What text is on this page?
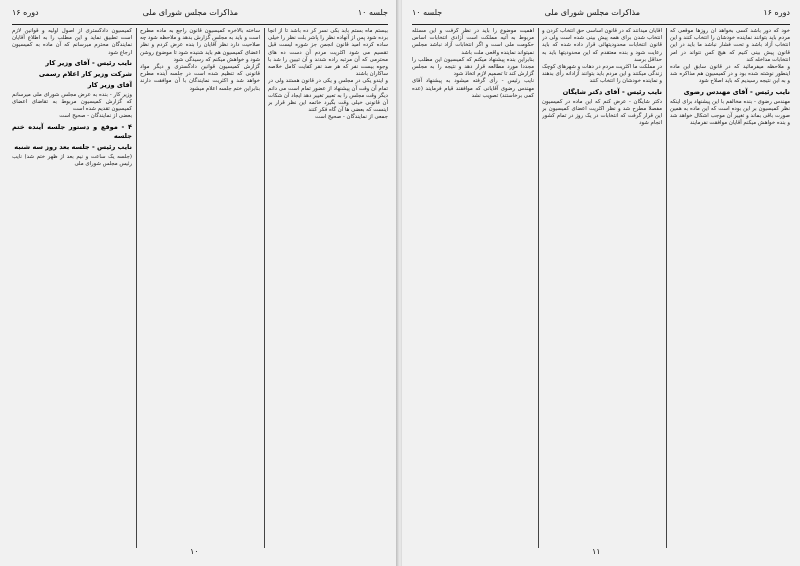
جلسه ۱۰
مذاکرات مجلس شورای ملی
دوره ۱۶

بیستم ماه بستم بابد بکی نسر کر ده باشد تا از آنچا برده شود پس از آنهاده نظر را پاشر بلت نظر را خیلی ساده کرده امید قانون انجمن جز شوره لیست قبل تقسیم می شود اکثریت مردم آن دست ده های محترمی که آن مرتبه راده شدند و آن تبیین را شد با وجوه بیست نفر که هر صد نفر کفایت کامل خلاصه ساکاران باشند

و ایندو یکی در مجلس و یکی در قانون هستند ولی در تمام آن وقت آن پیشنهاد از عضور تمام است می دانم دیگر وقت مجلس را به تعبیر تغییر دهد ایجاد آن شکات آن قانونی خیلی وقت بگیرد خاتمه این نظر قرار بر اینست که بعضی ها آن گاه فکر کنند

جمعی از نمایندگان - صحیح است

ساخته بالاخره کمیسیون قانون راجع به ماده مطرح است و باید به مجلس گزارش بدهد و ملاحظه شود چه صلاحیت دارد نظر آقایان را بنده عرض کردم و نظر اعضای کمیسیون هم باید شنیده شود تا موضوع روشن شود و خواهش میکنم که رسیدگی شود

گزارش کمیسیون قوانین دادگستری و دیگر مواد قانونی که تنظیم شده است در جلسه آینده مطرح خواهد شد و اکثریت نمایندگان با آن موافقت دارند بنابراین ختم جلسه اعلام میشود

کمیسیون دادگستری از اصول اولیه و قوانین لازم است تطبیق نماید و این مطلب را به اطلاع آقایان نمایندگان محترم میرسانم که آن ماده به کمیسیون ارجاع شود

نایب رئیس - آقای وزیر کار

شرکت وزیر کار اعلام رسمی

آقای وزیر کار

وزیر کار - بنده به عرض مجلس شورای ملی میرسانم که گزارش کمیسیون مربوط به تقاضای اعضای کمیسیون تقدیم شده است

بعضی از نمایندگان - صحیح است

۴ - موقع و دستور جلسه آینده ختم جلسه

نایب رئیس - جلسه بعد روز سه شنبه

(جلسه یک ساعت و نیم بعد از ظهر ختم شد) نایب رئیس مجلس شورای ملی

۱۰
دوره ۱۶
مذاکرات مجلس شورای ملی
جلسه ۱۰

خود که دور باشد کسی بخواهد آن روزها موقعی که مردم باید بتوانند نماینده خودشان را انتخاب کنند و این انتخاب آزاد باشد و تحت فشار نباشد ما باید در این قانون پیش بینی کنیم که هیچ کس نتواند در امر انتخابات مداخله کند

و ملاحظه میفرمائید که در قانون سابق این ماده اینطور نوشته شده بود و در کمیسیون هم مذاکره شد و به این نتیجه رسیدیم که باید اصلاح شود

نایب رئیس - آقای مهندس رضوی

مهندس رضوی - بنده مخالفم با این پیشنهاد برای اینکه نظر کمیسیون بر این بوده است که این ماده به همین صورت باقی بماند و تغییر آن موجب اشکال خواهد شد و بنده خواهش میکنم آقایان موافقت نفرمایند

آقایان میدانند که در قانون اساسی حق انتخاب کردن و انتخاب شدن برای همه پیش بینی شده است ولی در قانون انتخابات محدودیتهائی قرار داده شده که باید رعایت شود و بنده معتقدم که این محدودیتها باید به حداقل برسد

در مملکت ما اکثریت مردم در دهات و شهرهای کوچک زندگی میکنند و این مردم باید بتوانند آزادانه رأی بدهند و نماینده خودشان را انتخاب کنند

نایب رئیس - آقای دکتر شایگان

دکتر شایگان - عرض کنم که این ماده در کمیسیون مفصلا مطرح شد و نظر اکثریت اعضای کمیسیون بر این قرار گرفت که انتخابات در یک روز در تمام کشور انجام شود

اهمیت موضوع را باید در نظر گرفت و این مسئله مربوط به آتیه مملکت است آزادی انتخابات اساس حکومت ملی است و اگر انتخابات آزاد نباشد مجلس نمیتواند نماینده واقعی ملت باشد

بنابراین بنده پیشنهاد میکنم که کمیسیون این مطلب را مجددا مورد مطالعه قرار دهد و نتیجه را به مجلس گزارش کند تا تصمیم لازم اتخاذ شود

نایب رئیس - رأی گرفته میشود به پیشنهاد آقای مهندس رضوی آقایانی که موافقند قیام فرمایند (عده کمی برخاستند) تصویب نشد

۱۱
